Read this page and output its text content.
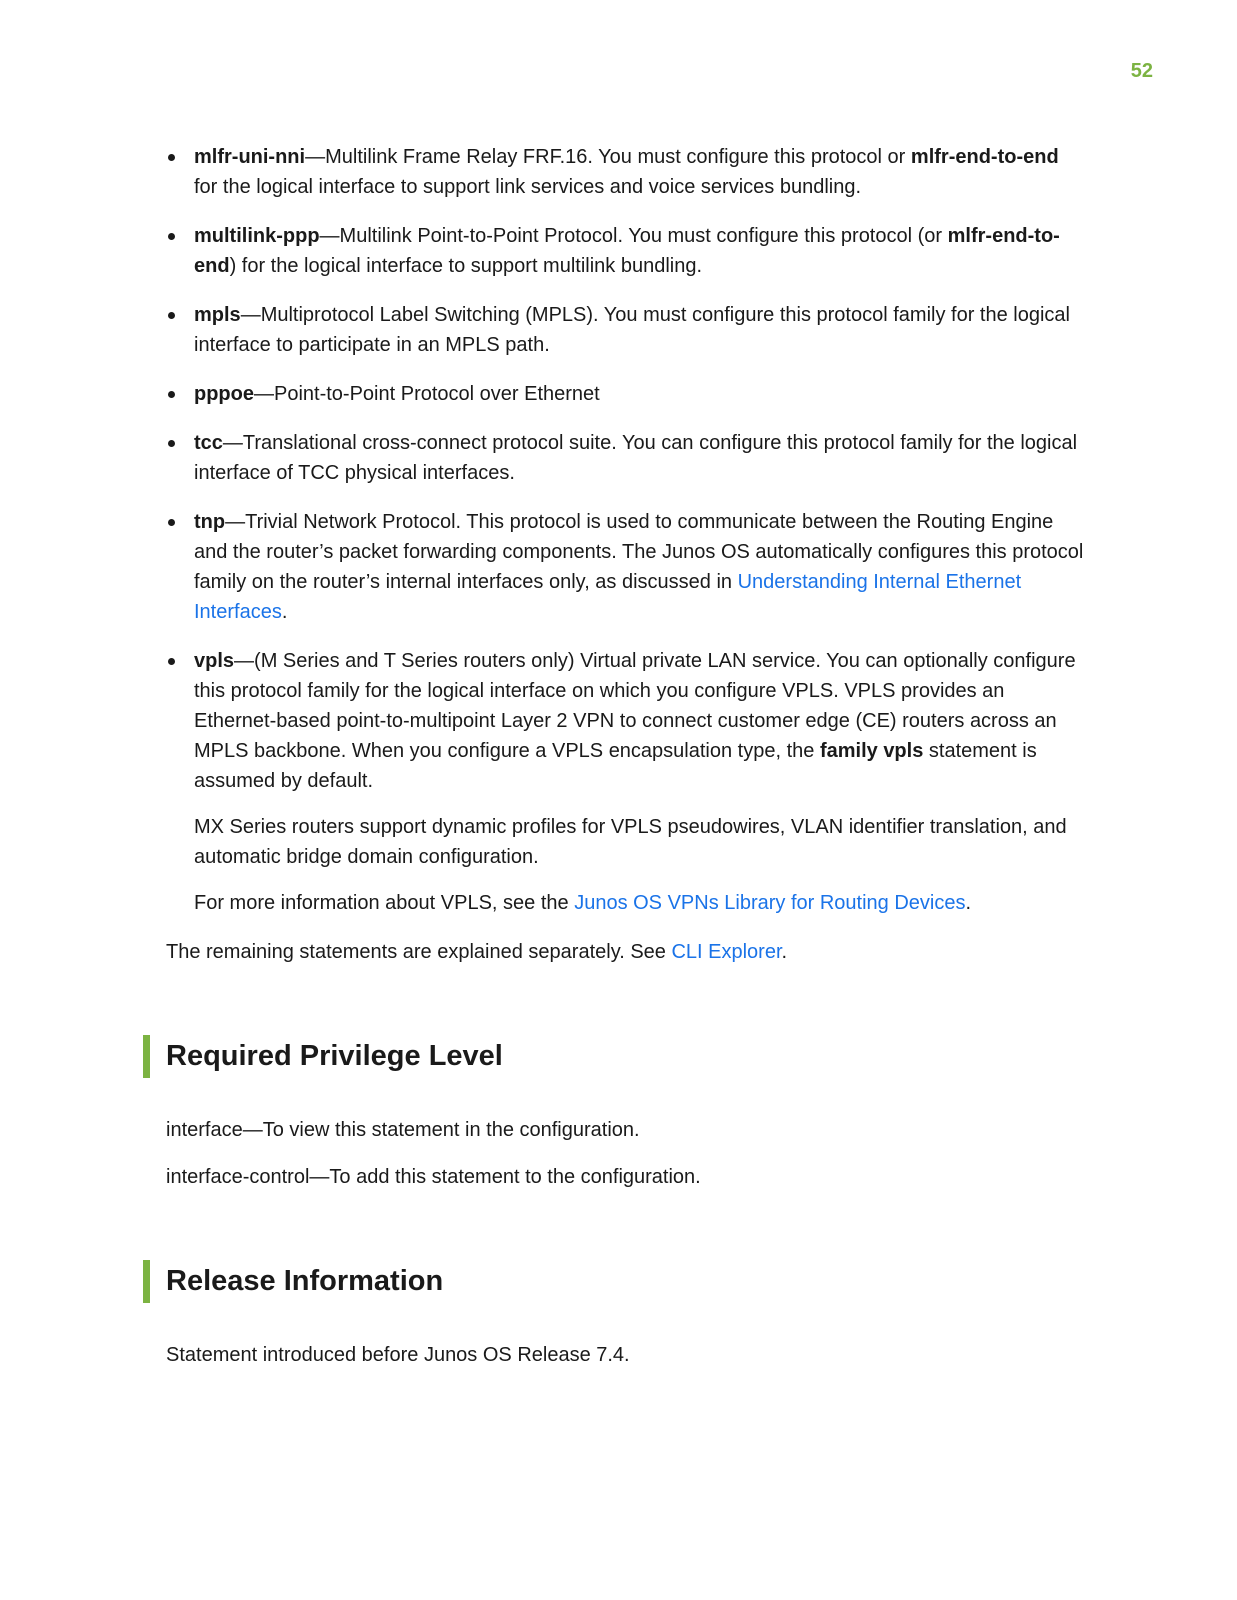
52
mlfr-uni-nni—Multilink Frame Relay FRF.16. You must configure this protocol or mlfr-end-to-end for the logical interface to support link services and voice services bundling.
multilink-ppp—Multilink Point-to-Point Protocol. You must configure this protocol (or mlfr-end-to-end) for the logical interface to support multilink bundling.
mpls—Multiprotocol Label Switching (MPLS). You must configure this protocol family for the logical interface to participate in an MPLS path.
pppoe—Point-to-Point Protocol over Ethernet
tcc—Translational cross-connect protocol suite. You can configure this protocol family for the logical interface of TCC physical interfaces.
tnp—Trivial Network Protocol. This protocol is used to communicate between the Routing Engine and the router’s packet forwarding components. The Junos OS automatically configures this protocol family on the router’s internal interfaces only, as discussed in Understanding Internal Ethernet Interfaces.
vpls—(M Series and T Series routers only) Virtual private LAN service. You can optionally configure this protocol family for the logical interface on which you configure VPLS. VPLS provides an Ethernet-based point-to-multipoint Layer 2 VPN to connect customer edge (CE) routers across an MPLS backbone. When you configure a VPLS encapsulation type, the family vpls statement is assumed by default.
MX Series routers support dynamic profiles for VPLS pseudowires, VLAN identifier translation, and automatic bridge domain configuration.
For more information about VPLS, see the Junos OS VPNs Library for Routing Devices.

The remaining statements are explained separately. See CLI Explorer.

Required Privilege Level

interface—To view this statement in the configuration.

interface-control—To add this statement to the configuration.

Release Information

Statement introduced before Junos OS Release 7.4.
